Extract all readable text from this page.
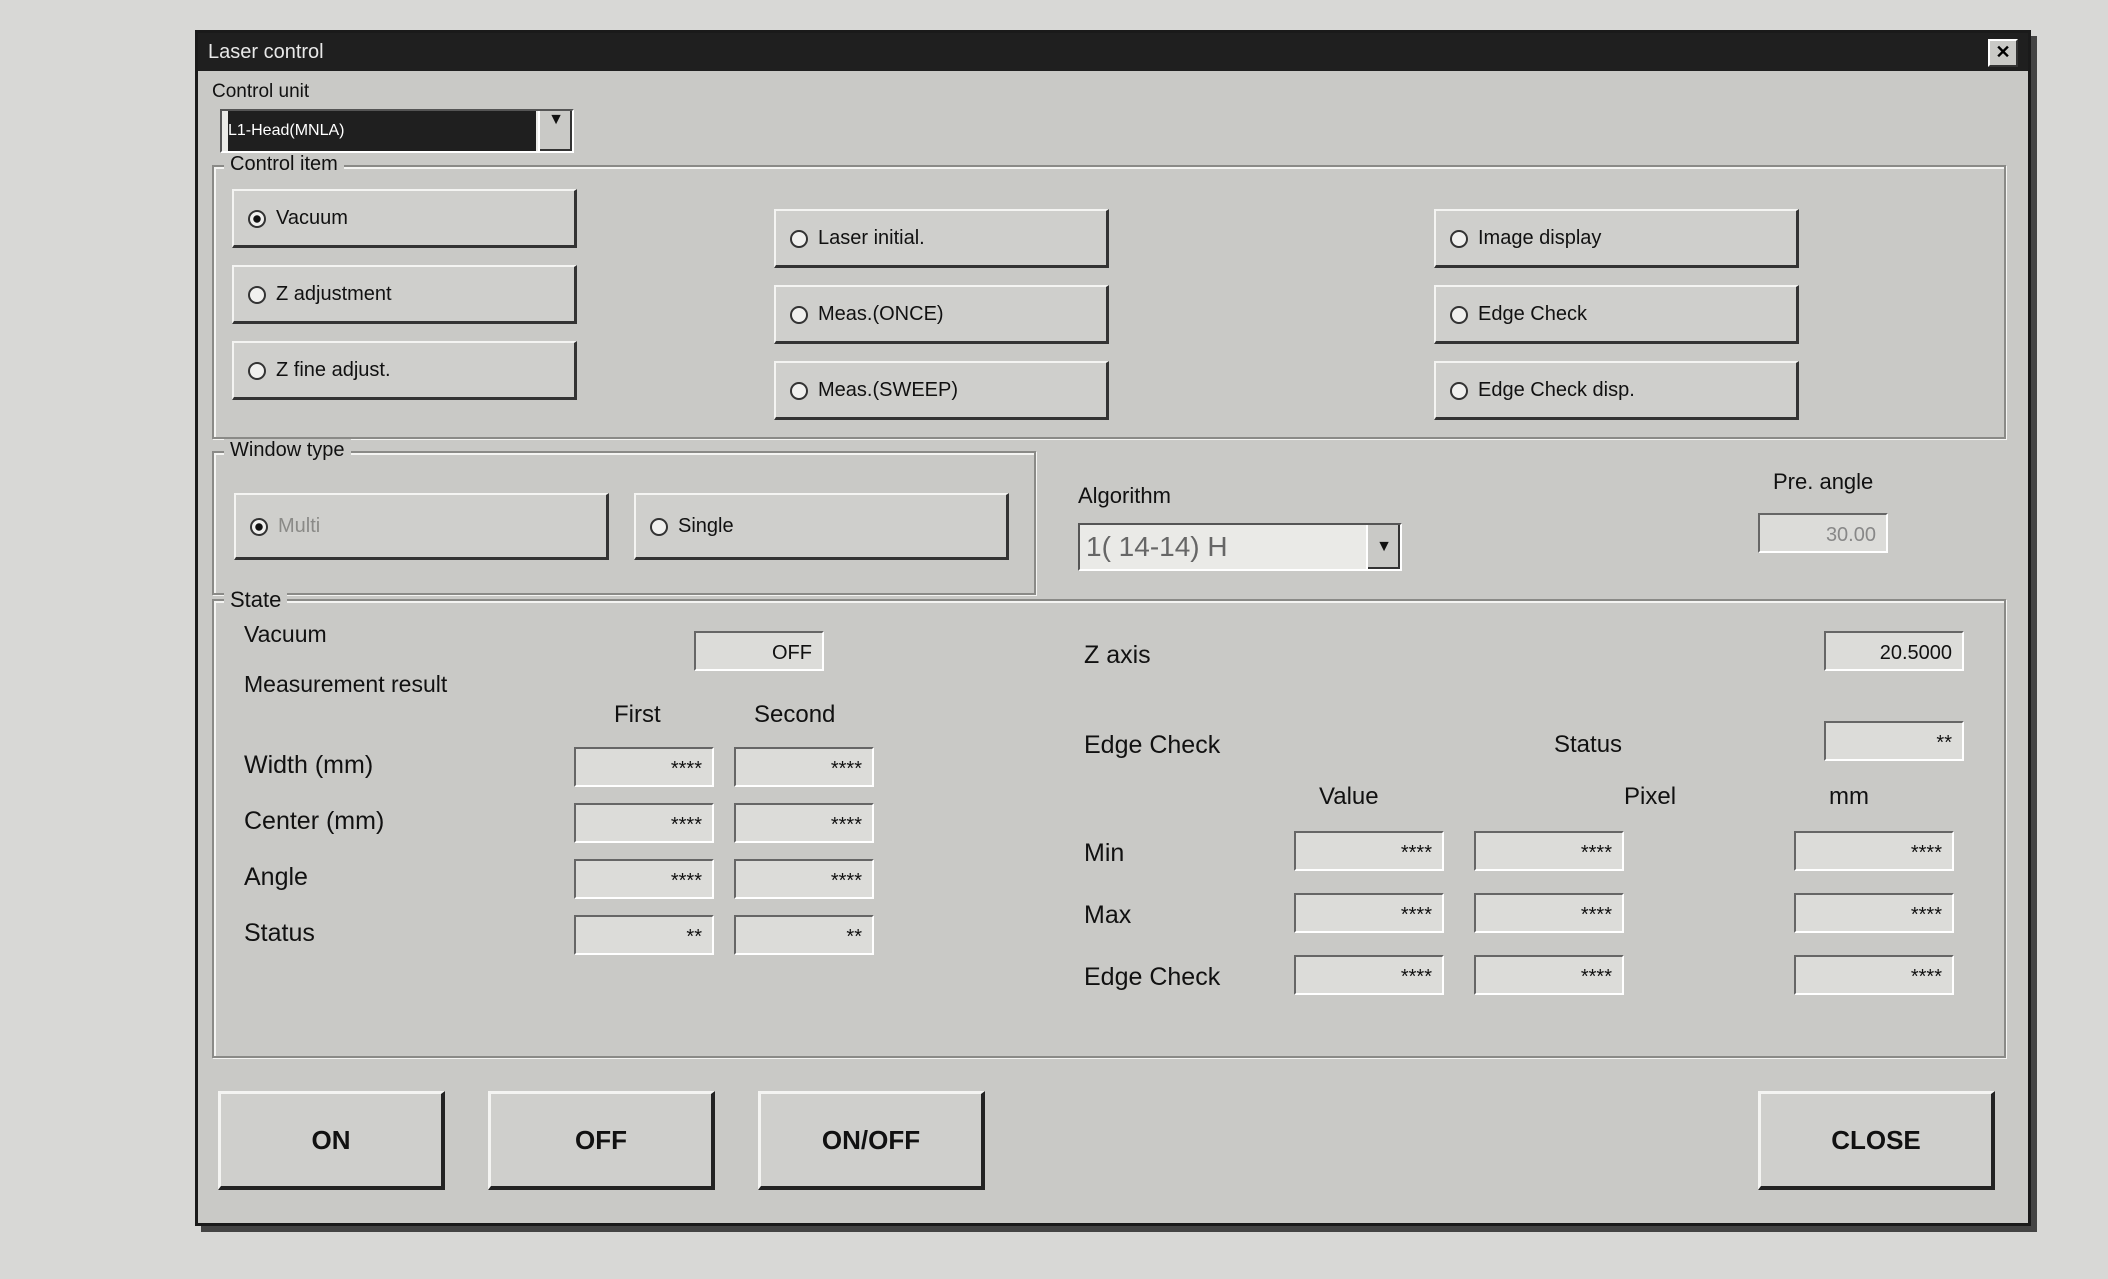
Laser control	✕
Control unit
L1-Head(MNLA)
▼
Control item
Vacuum
Z adjustment
Z fine adjust.
Laser initial.
Meas.(ONCE)
Meas.(SWEEP)
Image display
Edge Check
Edge Check disp.
Window type
Multi	Single
Algorithm
1( 14-14) H	▼
Pre. angle
30.00
State
Vacuum
OFF
Measurement result
First	Second
Width (mm)	****	****
Center (mm)	****	****
Angle	****	****
Status	**	**
Z axis	20.5000
Edge Check	Status	**
Value	Pixel	mm
Min	****	****	****
Max	****	****	****
Edge Check	****	****	****
ON	OFF	ON/OFF	CLOSE
